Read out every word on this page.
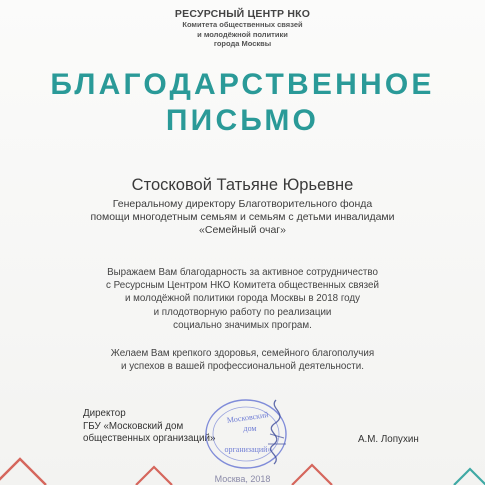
РЕСУРСНЫЙ ЦЕНТР НКО
Комитета общественных связей
и молодёжной политики
города Москвы
БЛАГОДАРСТВЕННОЕ
ПИСЬМО
Стосковой Татьяне Юрьевне
Генеральному директору Благотворительного фонда
помощи многодетным семьям и семьям с детьми инвалидами
«Семейный очаг»
Выражаем Вам благодарность за активное сотрудничество
с Ресурсным Центром НКО Комитета общественных связей
и молодёжной политики города Москвы в 2018 году
и плодотворную работу по реализации
социально значимых програм.
Желаем Вам крепкого здоровья, семейного благополучия
и успехов в вашей профессиональной деятельности.
Директор
ГБУ «Московский дом
общественных организаций»
Московский
дом
организаций»
А.М. Лопухин
Москва, 2018
